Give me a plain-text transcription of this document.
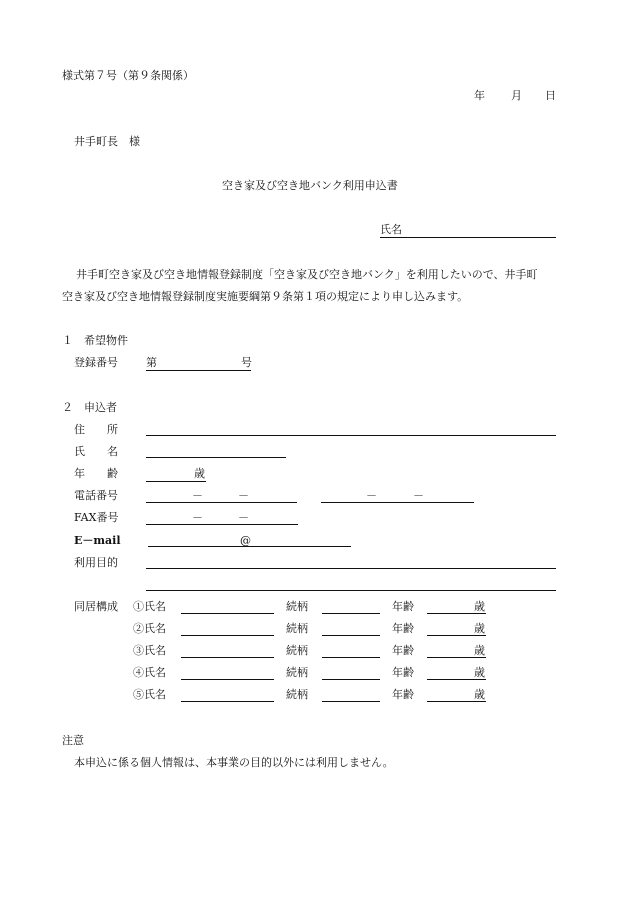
様式第７号（第９条関係）
年 月 日
井手町長　様
空き家及び空き地バンク利用申込書
氏名
井手町空き家及び空き地情報登録制度「空き家及び空き地バンク」を利用したいので、井手町
空き家及び空き地情報登録制度実施要綱第９条第１項の規定により申し込みます。
１　希望物件
登録番号	第	号
２　申込者
住　　所
氏　　名
年　　齢	歳
電話番号	－	－	－	－
FAX番号	－	－
E－mail	@
利用目的
同居構成 ①氏名	続柄	年齢	歳
②氏名	続柄	年齢	歳
③氏名	続柄	年齢	歳
④氏名	続柄	年齢	歳
⑤氏名	続柄	年齢	歳
注意
本申込に係る個人情報は、本事業の目的以外には利用しません。
